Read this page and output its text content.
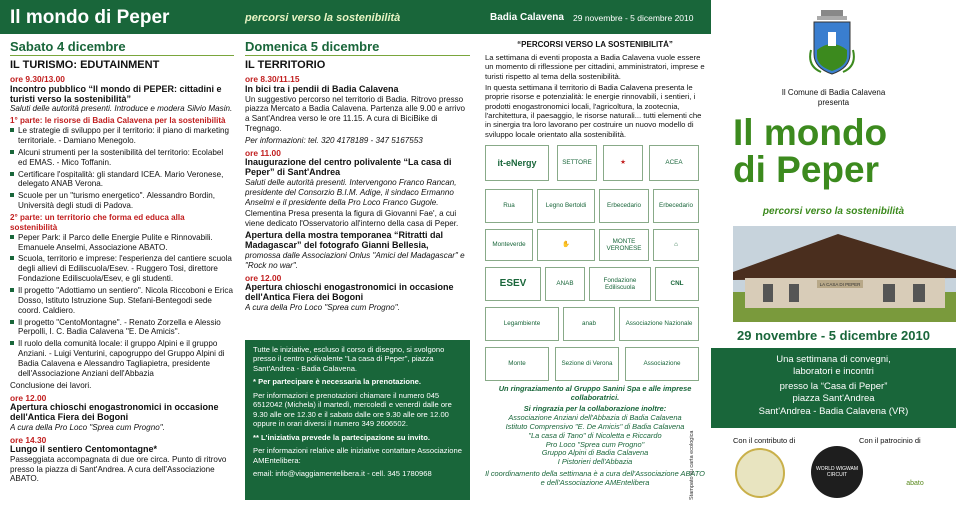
Il mondo di Peper	percorsi verso la sostenibilità	Badia Calavena 29 novembre - 5 dicembre 2010
Sabato 4 dicembre
IL TURISMO: EDUTAINMENT
ore 9.30/13.00
Incontro pubblico “Il mondo di PEPER: cittadini e turisti verso la sostenibilità”

Saluti delle autorità presenti. Introduce e modera Silvio Masin.

1° parte: le risorse di Badia Calavena per la sostenibilità
Le strategie di sviluppo per il territorio: il piano di marketing territoriale. - Damiano Menegolo.
Alcuni strumenti per la sostenibilità del territorio: Ecolabel ed EMAS. - Mico Toffanin.
Certificare l'ospitalità: gli standard ICEA. Mario Veronese, delegato ANAB Verona.
Scuole per un "turismo energetico". Alessandro Bordin, Università degli studi di Padova.
2° parte: un territorio che forma ed educa alla sostenibilità
Peper Park: il Parco delle Energie Pulite e Rinnovabili. Emanuele Anselmi, Associazione ABATO.
Scuola, territorio e imprese: l'esperienza del cantiere scuola degli allievi di Ediliscuola/Esev. - Ruggero Tosi, direttore Fondazione Ediliscuola/Esev, e gli studenti.
Il progetto "Adottiamo un sentiero". Nicola Riccoboni e Erica Dosso, Istituto Istruzione Sup. Stefani-Bentegodi sede coord. Caldiero.
Il progetto "CentoMontagne". - Renato Zorzella e Alessio Perpolli, I. C. Badia Calavena "E. De Amicis".
Il ruolo della comunità locale: il gruppo Alpini e il gruppo Anziani. - Luigi Venturini, capogruppo del Gruppo Alpini di Badia Calavena e Alessandro Tagliapietra, presidente dell'Associazione Anziani dell'Abbazia

Conclusione dei lavori.

ore 12.00
Apertura chioschi enogastronomici in occasione dell'Antica Fiera dei Bogoni

A cura della Pro Loco "Sprea cum Progno".

ore 14.30
Lungo il sentiero Centomontagne*

Passeggiata accompagnata di due ore circa. Punto di ritrovo presso la piazza di Sant'Andrea. A cura dell'Associazione ABATO.

Domenica 5 dicembre
IL TERRITORIO
ore 8.30/11.15
In bici tra i pendii di Badia Calavena

Un suggestivo percorso nel territorio di Badia. Ritrovo presso piazza Mercato a Badia Calavena. Partenza alle 9.00 e arrivo a Sant'Andrea verso le ore 11.15. A cura di BiciBike di Tregnago.

Per informazioni: tel. 320 4178189 - 347 5167553

ore 11.00
Inaugurazione del centro polivalente “La casa di Peper” di Sant'Andrea

Saluti delle autorità presenti. Intervengono Franco Rancan, presidente del Consorzio B.I.M. Adige, il sindaco Ermanno Anselmi e il presidente della Pro Loco Franco Gugole.

Clementina Presa presenta la figura di Giovanni Fae', a cui viene dedicato l'Osservatorio all'interno della casa di Peper.

Apertura della mostra temporanea “Ritratti dal Madagascar” del fotografo Gianni Bellesia,

promossa dalle Associazioni Onlus "Amici del Madagascar" e "Rock no war".

ore 12.00
Apertura chioschi enogastronomici in occasione dell'Antica Fiera dei Bogoni

A cura della Pro Loco "Sprea cum Progno".

Tutte le iniziative, escluso il corso di disegno, si svolgono presso il centro polivalente "La casa di Peper", piazza Sant'Andrea - Badia Calavena.

* Per partecipare è necessaria la prenotazione.

Per informazioni e prenotazioni chiamare il numero 045 6512042 (Michela) il martedì, mercoledì e venerdì dalle ore 9.30 alle ore 12.30 e il sabato dalle ore 9.30 alle ore 12.00 oppure in orari diversi il numero 349 2606502.

** L'iniziativa prevede la partecipazione su invito.

Per informazioni relative alle iniziative contattare Associazione AMEntelibera:

email: info@viaggiamentelibera.it - cell. 345 1780968

“PERCORSI VERSO LA SOSTENIBILITÀ”

La settimana di eventi proposta a Badia Calavena vuole essere un momento di riflessione per cittadini, amministratori, imprese e turisti rispetto al tema della sostenibilità.

In questa settimana il territorio di Badia Calavena presenta le proprie risorse e potenzialità: le energie rinnovabili, i sentieri, i prodotti enogastronomici locali, l'agricoltura, la zootecnia, l'architettura, il paesaggio, le risorse naturali... tutti elementi che in sinergia tra loro lavorano per costruire un nuovo modello di sviluppo locale orientato alla sostenibilità.

it-eNergy	SETTORE	★	ACEA
Rua	Legno Bertoldi	Erbecedario	Erbecedario
Monteverde	✋
MONTE VERONESE
⌂
ESEV	ANAB
Fondazione Ediliscuola
CNL
Legambiente	anab	Associazione Nazionale
Monte	Sezione di Verona	Associazione

Un ringraziamento al Gruppo Sanini Spa e alle imprese collaboratrici.

Si ringrazia per la collaborazione inoltre:
Associazione Anziani dell'Abbazia di Badia Calavena
Istituto Comprensivo "E. De Amicis" di Badia Calavena
"La casa di Tano" di Nicoletta e Riccardo
Pro Loco "Sprea cum Progno"
Gruppo Alpini di Badia Calavena
I Pistorieri dell'Abbazia

Il coordinamento della settimana è a cura dell'Associazione ABATO e dell'Associazione AMEntelibera	Stampato su carta ecologica
Il Comune di Badia Calavena
presenta
Il mondo
di Peper
percorsi verso la sostenibilità
LA CASA DI PEPER
29 novembre - 5 dicembre 2010
Una settimana di convegni,
laboratori e incontri
presso la “Casa di Peper”
piazza Sant'Andrea
Sant'Andrea - Badia Calavena (VR)
Con il contributo di	Con il patrocinio di
WORLD WIGWAM CIRCUIT
abato
